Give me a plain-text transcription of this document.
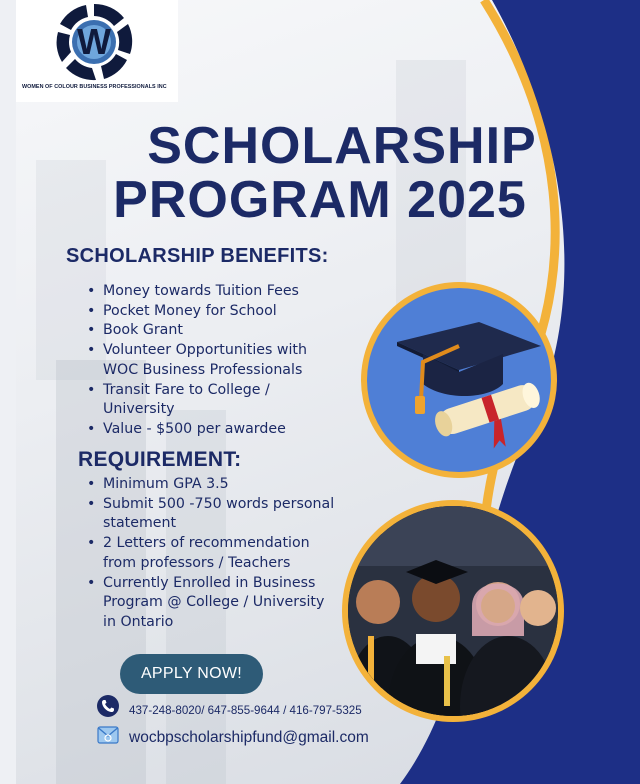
W
WOMEN OF COLOUR BUSINESS PROFESSIONALS INC
SCHOLARSHIP
PROGRAM 2025
SCHOLARSHIP BENEFITS:
• Money towards Tuition Fees
• Pocket Money for School
• Book Grant
• Volunteer Opportunities with
WOC Business Professionals
• Transit Fare to College /
University
• Value - $500 per awardee
REQUIREMENT:
• Minimum GPA 3.5
• Submit 500 -750 words personal
statement
• 2 Letters of recommendation
from professors / Teachers
• Currently Enrolled in Business
Program @ College / University
in Ontario
APPLY NOW!
437-248-8020/ 647-855-9644 / 416-797-5325
wocbpscholarshipfund@gmail.com
